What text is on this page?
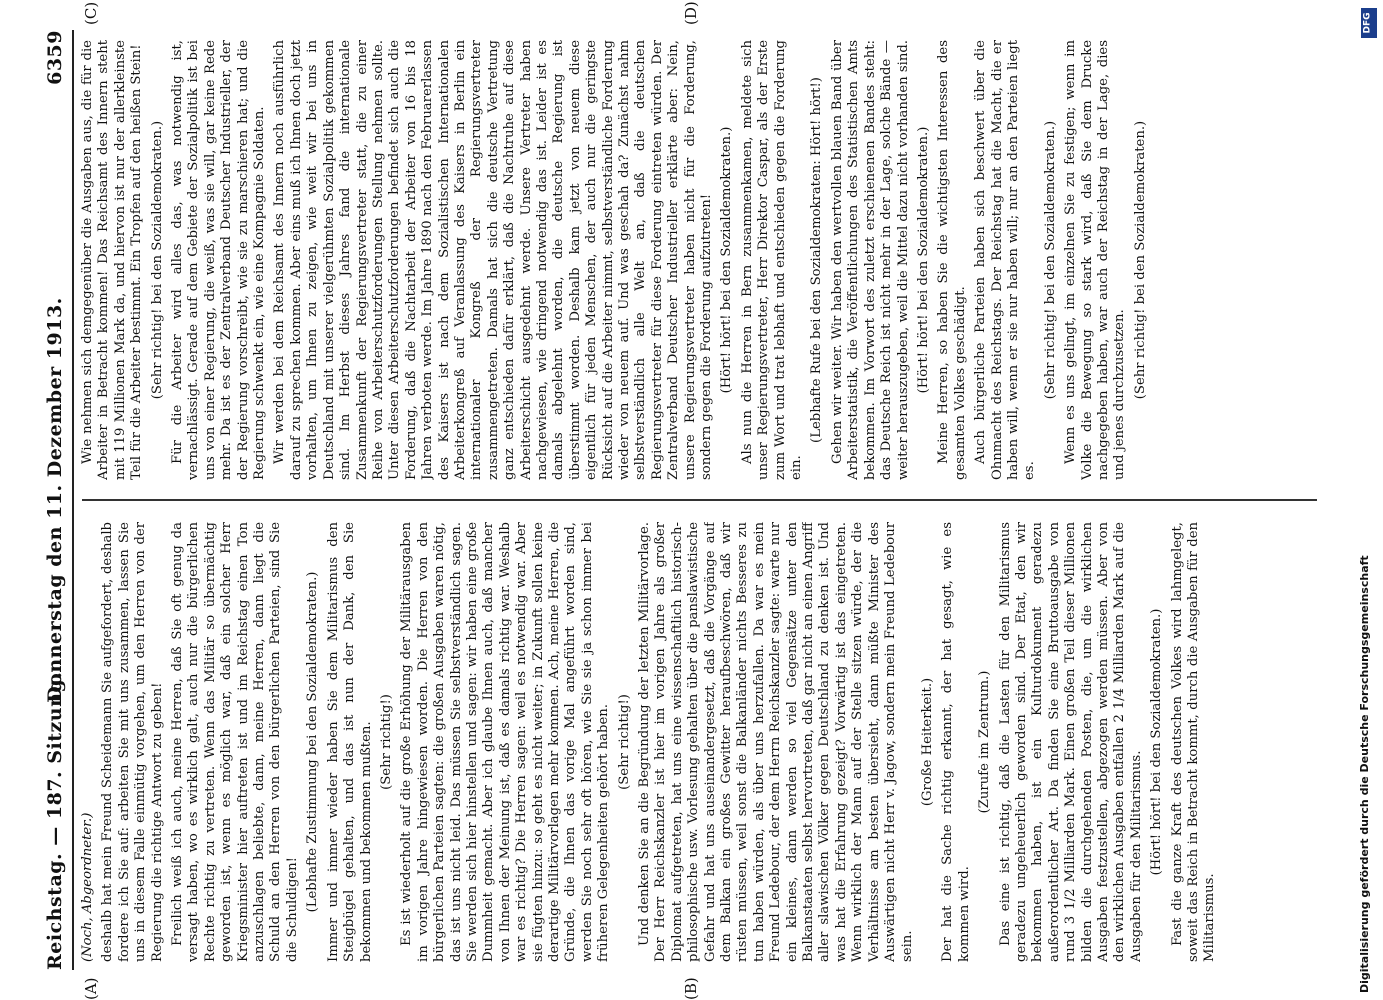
Reichstag. — 187. Sitzung.
Donnerstag den 11. Dezember 1913.
6359
(A)	(B)
(C)	(D)

(Noch, Abgeordneter.) deshalb hat mein Freund Scheidemann Sie aufgefordert, deshalb fordere ich Sie auf: arbeiten Sie mit uns zusammen, lassen Sie uns in diesem Falle einmütig vorgehen, um den Herren von der Regierung die richtige Antwort zu geben! Freilich weiß ich auch, meine Herren, daß Sie oft genug da versagt haben, wo es wirklich galt, auch nur die bürgerlichen Rechte richtig zu vertreten. Wenn das Militär so übermächtig geworden ist, wenn es möglich war, daß ein solcher Herr Kriegsminister hier auftreten ist und im Reichstag einen Ton anzuschlagen beliebte, dann, meine Herren, dann liegt die Schuld an den Herren von den bürgerlichen Parteien, sind Sie die Schuldigen! (Lebhafte Zustimmung bei den Sozialdemokraten.) Immer und immer wieder haben Sie dem Militarismus den Steigbügel gehalten, und das ist nun der Dank, den Sie bekommen und bekommen mußten. (Sehr richtig!) Es ist wiederholt auf die große Erhöhung der Militärausgaben im vorigen Jahre hingewiesen worden. Die Herren von den bürgerlichen Parteien sagten: die großen Ausgaben waren nötig, das ist uns nicht leid. Das müssen Sie selbstverständlich sagen. Sie werden sich hier hinstellen und sagen: wir haben eine große Dummheit gemacht. Aber ich glaube Ihnen auch, daß mancher von Ihnen der Meinung ist, daß es damals richtig war. Weshalb war es richtig? Die Herren sagen: weil es notwendig war. Aber sie fügten hinzu: so geht es nicht weiter; in Zukunft sollen keine derartige Militärvorlagen mehr kommen. Ach, meine Herren, die Gründe, die Ihnen das vorige Mal angeführt worden sind, werden Sie noch sehr oft hören, wie Sie sie ja schon immer bei früheren Gelegenheiten gehört haben. (Sehr richtig!) Und denken Sie an die Begründung der letzten Militärvorlage. Der Herr Reichskanzler ist hier im vorigen Jahre als großer Diplomat aufgetreten, hat uns eine wissenschaftlich historisch-philosophische usw. Vorlesung gehalten über die panslawistische Gefahr und hat uns auseinandergesetzt, daß die Vorgänge auf dem Balkan ein großes Gewitter heraufbeschwören, daß wir rüsten müssen, weil sonst die Balkanländer nichts Besseres zu tun haben würden, als über uns herzufallen. Da war es mein Freund Ledebour, der dem Herrn Reichskanzler sagte: warte nur ein kleines, dann werden so viel Gegensätze unter den Balkanstaaten selbst hervortreten, daß gar nicht an einen Angriff aller slawischen Völker gegen Deutschland zu denken ist. Und was hat die Erfahrung gezeigt? Vorwärtig ist das eingetreten. Wenn wirklich der Mann auf der Stelle sitzen würde, der die Verhältnisse am besten übersieht, dann müßte Minister des Auswärtigen nicht Herr v. Jagow, sondern mein Freund Ledebour sein.

(Große Heiterkeit.) Der hat die Sache richtig erkannt, der hat gesagt, wie es kommen wird.

(Zurufe im Zentrum.) Das eine ist richtig, daß die Lasten für den Militarismus geradezu ungeheuerlich geworden sind. Der Etat, den wir bekommen haben, ist ein Kulturdokument geradezu außerordentlicher Art. Da finden Sie eine Bruttoausgabe von rund 3 1/2 Milliarden Mark. Einen großen Teil dieser Millionen bilden die durchgehenden Posten, die, um die wirklichen Ausgaben festzustellen, abgezogen werden müssen. Aber von den wirklichen Ausgaben entfallen 2 1/4 Milliarden Mark auf die Ausgaben für den Militarismus. (Hört! hört! bei den Sozialdemokraten.) Fast die ganze Kraft des deutschen Volkes wird lahmgelegt, soweit das Reich in Betracht kommt, durch die Ausgaben für den Militarismus.

Wie nehmen sich demgegenüber die Ausgaben aus, die für die Arbeiter in Betracht kommen! Das Reichsamt des Innern steht mit 119 Millionen Mark da, und hiervon ist nur der allerkleinste Teil für die Arbeiter bestimmt. Ein Tropfen auf den heißen Stein! (Sehr richtig! bei den Sozialdemokraten.) Für die Arbeiter wird alles das, was notwendig ist, vernachlässigt. Gerade auf dem Gebiete der Sozialpolitik ist bei uns von einer Regierung, die weiß, was sie will, gar keine Rede mehr. Da ist es der Zentralverband Deutscher Industrieller, der der Regierung vorschreibt, wie sie zu marschieren hat; und die Regierung schwenkt ein, wie eine Kompagnie Soldaten. Wir werden bei dem Reichsamt des Innern noch ausführlich darauf zu sprechen kommen. Aber eins muß ich Ihnen doch jetzt vorhalten, um Ihnen zu zeigen, wie weit wir bei uns in Deutschland mit unserer vielgerühmten Sozialpolitik gekommen sind. Im Herbst dieses Jahres fand die internationale Zusammenkunft der Regierungsvertreter statt, die zu einer Reihe von Arbeiterschutzforderungen Stellung nehmen sollte. Unter diesen Arbeiterschutzforderungen befindet sich auch die Forderung, daß die Nachtarbeit der Arbeiter von 16 bis 18 Jahren verboten werde. Im Jahre 1890 nach den Februarerlassen des Kaisers ist nach dem Sozialistischen Internationalen Arbeiterkongreß auf Veranlassung des Kaisers in Berlin ein internationaler Kongreß der Regierungsvertreter zusammengetreten. Damals hat sich die deutsche Vertretung ganz entschieden dafür erklärt, daß die Nachtruhe auf diese Arbeiterschicht ausgedehnt werde. Unsere Vertreter haben nachgewiesen, wie dringend notwendig das ist. Leider ist es damals abgelehnt worden, die deutsche Regierung ist überstimmt worden. Deshalb kam jetzt von neuem diese eigentlich für jeden Menschen, der auch nur die geringste Rücksicht auf die Arbeiter nimmt, selbstverständliche Forderung wieder von neuem auf. Und was geschah da? Zunächst nahm selbstverständlich alle Welt an, daß die deutschen Regierungsvertreter für diese Forderung eintreten würden. Der Zentralverband Deutscher Industrieller erklärte aber: Nein, unsere Regierungsvertreter haben nicht für die Forderung, sondern gegen die Forderung aufzutreten! (Hört! hört! bei den Sozialdemokraten.) Als nun die Herren in Bern zusammenkamen, meldete sich unser Regierungsvertreter, Herr Direktor Caspar, als der Erste zum Wort und trat lebhaft und entschieden gegen die Forderung ein.

(Lebhafte Rufe bei den Sozialdemokraten: Hört! hört!) Gehen wir weiter. Wir haben den wertvollen blauen Band über Arbeiterstatistik, die Veröffentlichungen des Statistischen Amts bekommen. Im Vorwort des zuletzt erschienenen Bandes steht: das Deutsche Reich ist nicht mehr in der Lage, solche Bände — weiter herauszugeben, weil die Mittel dazu nicht vorhanden sind. (Hört! hört! bei den Sozialdemokraten.) Meine Herren, so haben Sie die wichtigsten Interessen des gesamten Volkes geschädigt. Auch bürgerliche Parteien haben sich beschwert über die Ohnmacht des Reichstags. Der Reichstag hat die Macht, die er haben will, wenn er sie nur haben will; nur an den Parteien liegt es.

(Sehr richtig! bei den Sozialdemokraten.) Wenn es uns gelingt, im einzelnen Sie zu festigen; wenn im Volke die Bewegung so stark wird, daß Sie dem Drucke nachgegeben haben, war auch der Reichstag in der Lage, dies und jenes durchzusetzen. (Sehr richtig! bei den Sozialdemokraten.)

DFG
Digitalisierung gefördert durch die Deutsche Forschungsgemeinschaft
